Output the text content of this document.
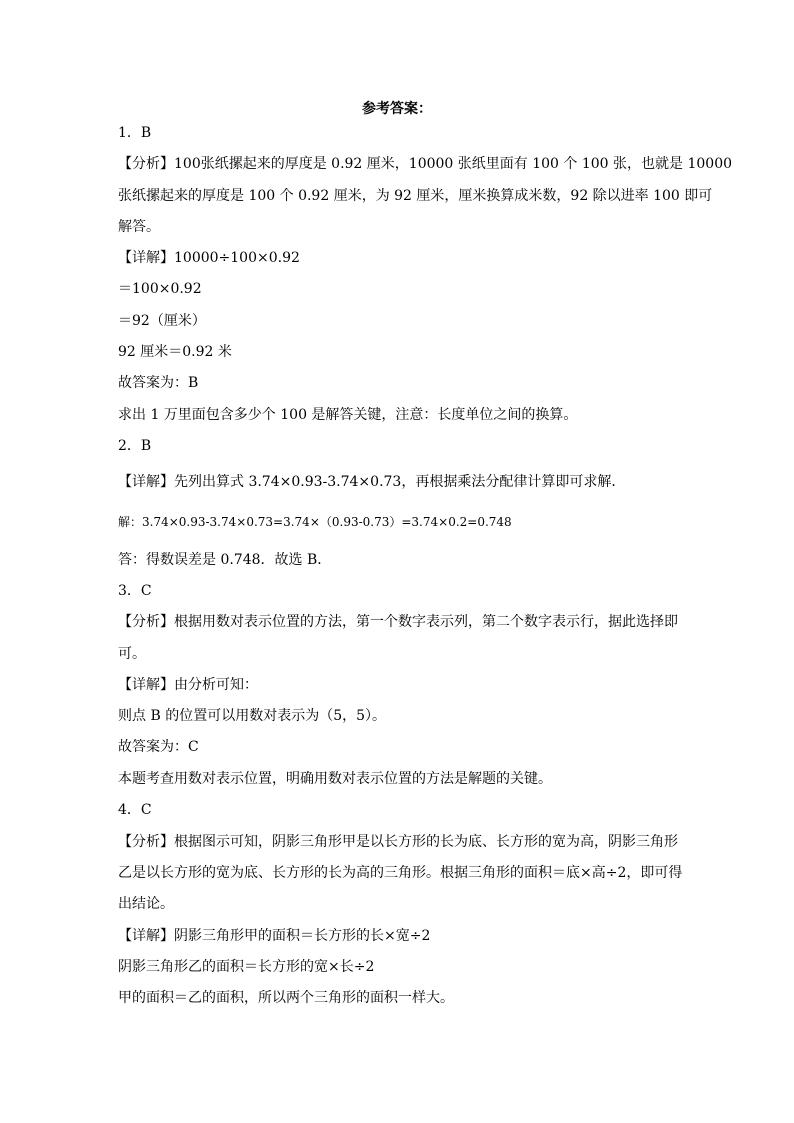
参考答案：
1．B
【分析】100张纸摞起来的厚度是 0.92 厘米，10000 张纸里面有 100 个 100 张，也就是 10000
张纸摞起来的厚度是 100 个 0.92 厘米，为 92 厘米，厘米换算成米数，92 除以进率 100 即可
解答。
【详解】10000÷100×0.92
＝100×0.92
＝92（厘米）
92 厘米＝0.92 米
故答案为：B
求出 1 万里面包含多少个 100 是解答关键，注意：长度单位之间的换算。
2．B
【详解】先列出算式 3.74×0.93-3.74×0.73，再根据乘法分配律计算即可求解．
解：3.74×0.93-3.74×0.73=3.74×（0.93-0.73）=3.74×0.2=0.748
答：得数误差是 0.748．故选 B．
3．C
【分析】根据用数对表示位置的方法，第一个数字表示列，第二个数字表示行，据此选择即
可。
【详解】由分析可知：
则点 B 的位置可以用数对表示为（5，5）。
故答案为：C
本题考查用数对表示位置，明确用数对表示位置的方法是解题的关键。
4．C
【分析】根据图示可知，阴影三角形甲是以长方形的长为底、长方形的宽为高，阴影三角形
乙是以长方形的宽为底、长方形的长为高的三角形。根据三角形的面积＝底×高÷2，即可得
出结论。
【详解】阴影三角形甲的面积＝长方形的长×宽÷2
阴影三角形乙的面积＝长方形的宽×长÷2
甲的面积＝乙的面积，所以两个三角形的面积一样大。
